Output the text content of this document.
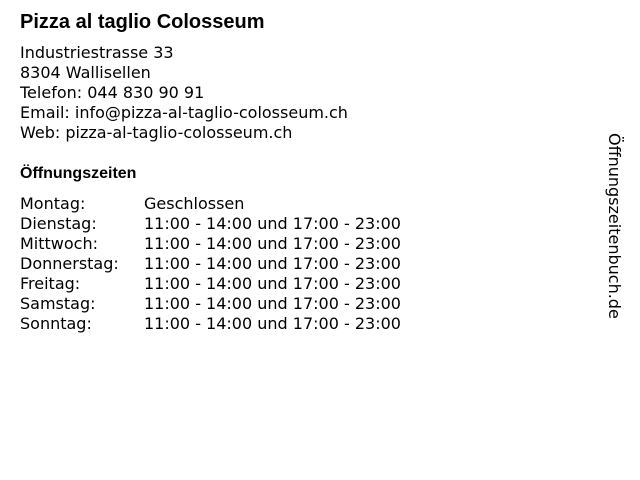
Pizza al taglio Colosseum
Industriestrasse 33
8304 Wallisellen
Telefon: 044 830 90 91
Email: info@pizza-al-taglio-colosseum.ch
Web: pizza-al-taglio-colosseum.ch
Öffnungszeiten
Montag:	Geschlossen
Dienstag:	11:00 - 14:00 und 17:00 - 23:00
Mittwoch:	11:00 - 14:00 und 17:00 - 23:00
Donnerstag: 11:00 - 14:00 und 17:00 - 23:00
Freitag:	11:00 - 14:00 und 17:00 - 23:00
Samstag:	11:00 - 14:00 und 17:00 - 23:00
Sonntag:	11:00 - 14:00 und 17:00 - 23:00
Öffnungszeitenbuch.de
